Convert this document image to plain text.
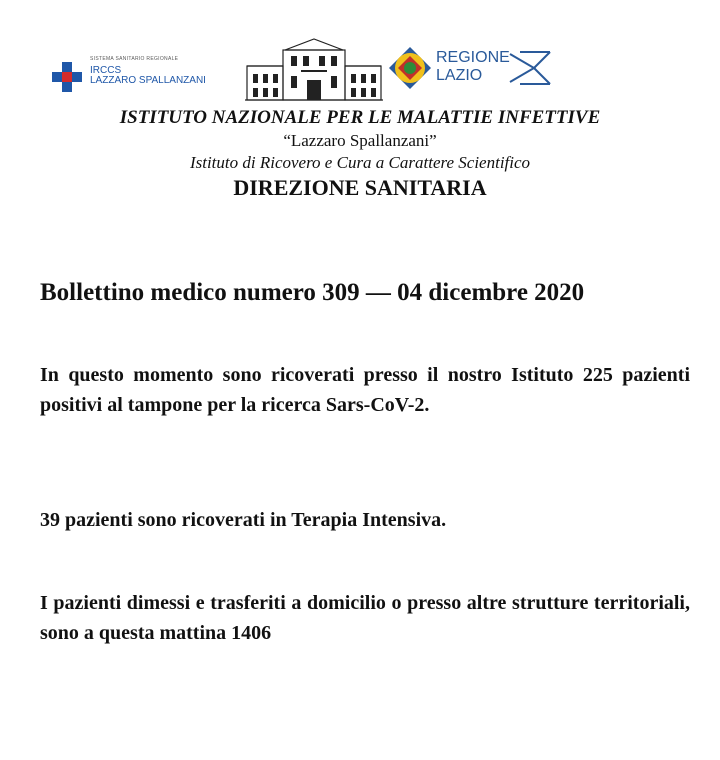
SISTEMA SANITARIO REGIONALE
IRCCS
LAZZARO SPALLANZANI
REGIONE
LAZIO

ISTITUTO NAZIONALE PER LE MALATTIE INFETTIVE

“Lazzaro Spallanzani”

Istituto di Ricovero e Cura a Carattere Scientifico

DIREZIONE SANITARIA

Bollettino medico numero 309 — 04 dicembre 2020

In questo momento sono ricoverati presso il nostro Istituto 225 pazienti positivi al tampone per la ricerca Sars-CoV-2.

39 pazienti sono ricoverati in Terapia Intensiva.

I pazienti dimessi e trasferiti a domicilio o presso altre strutture territoriali, sono a questa mattina 1406
